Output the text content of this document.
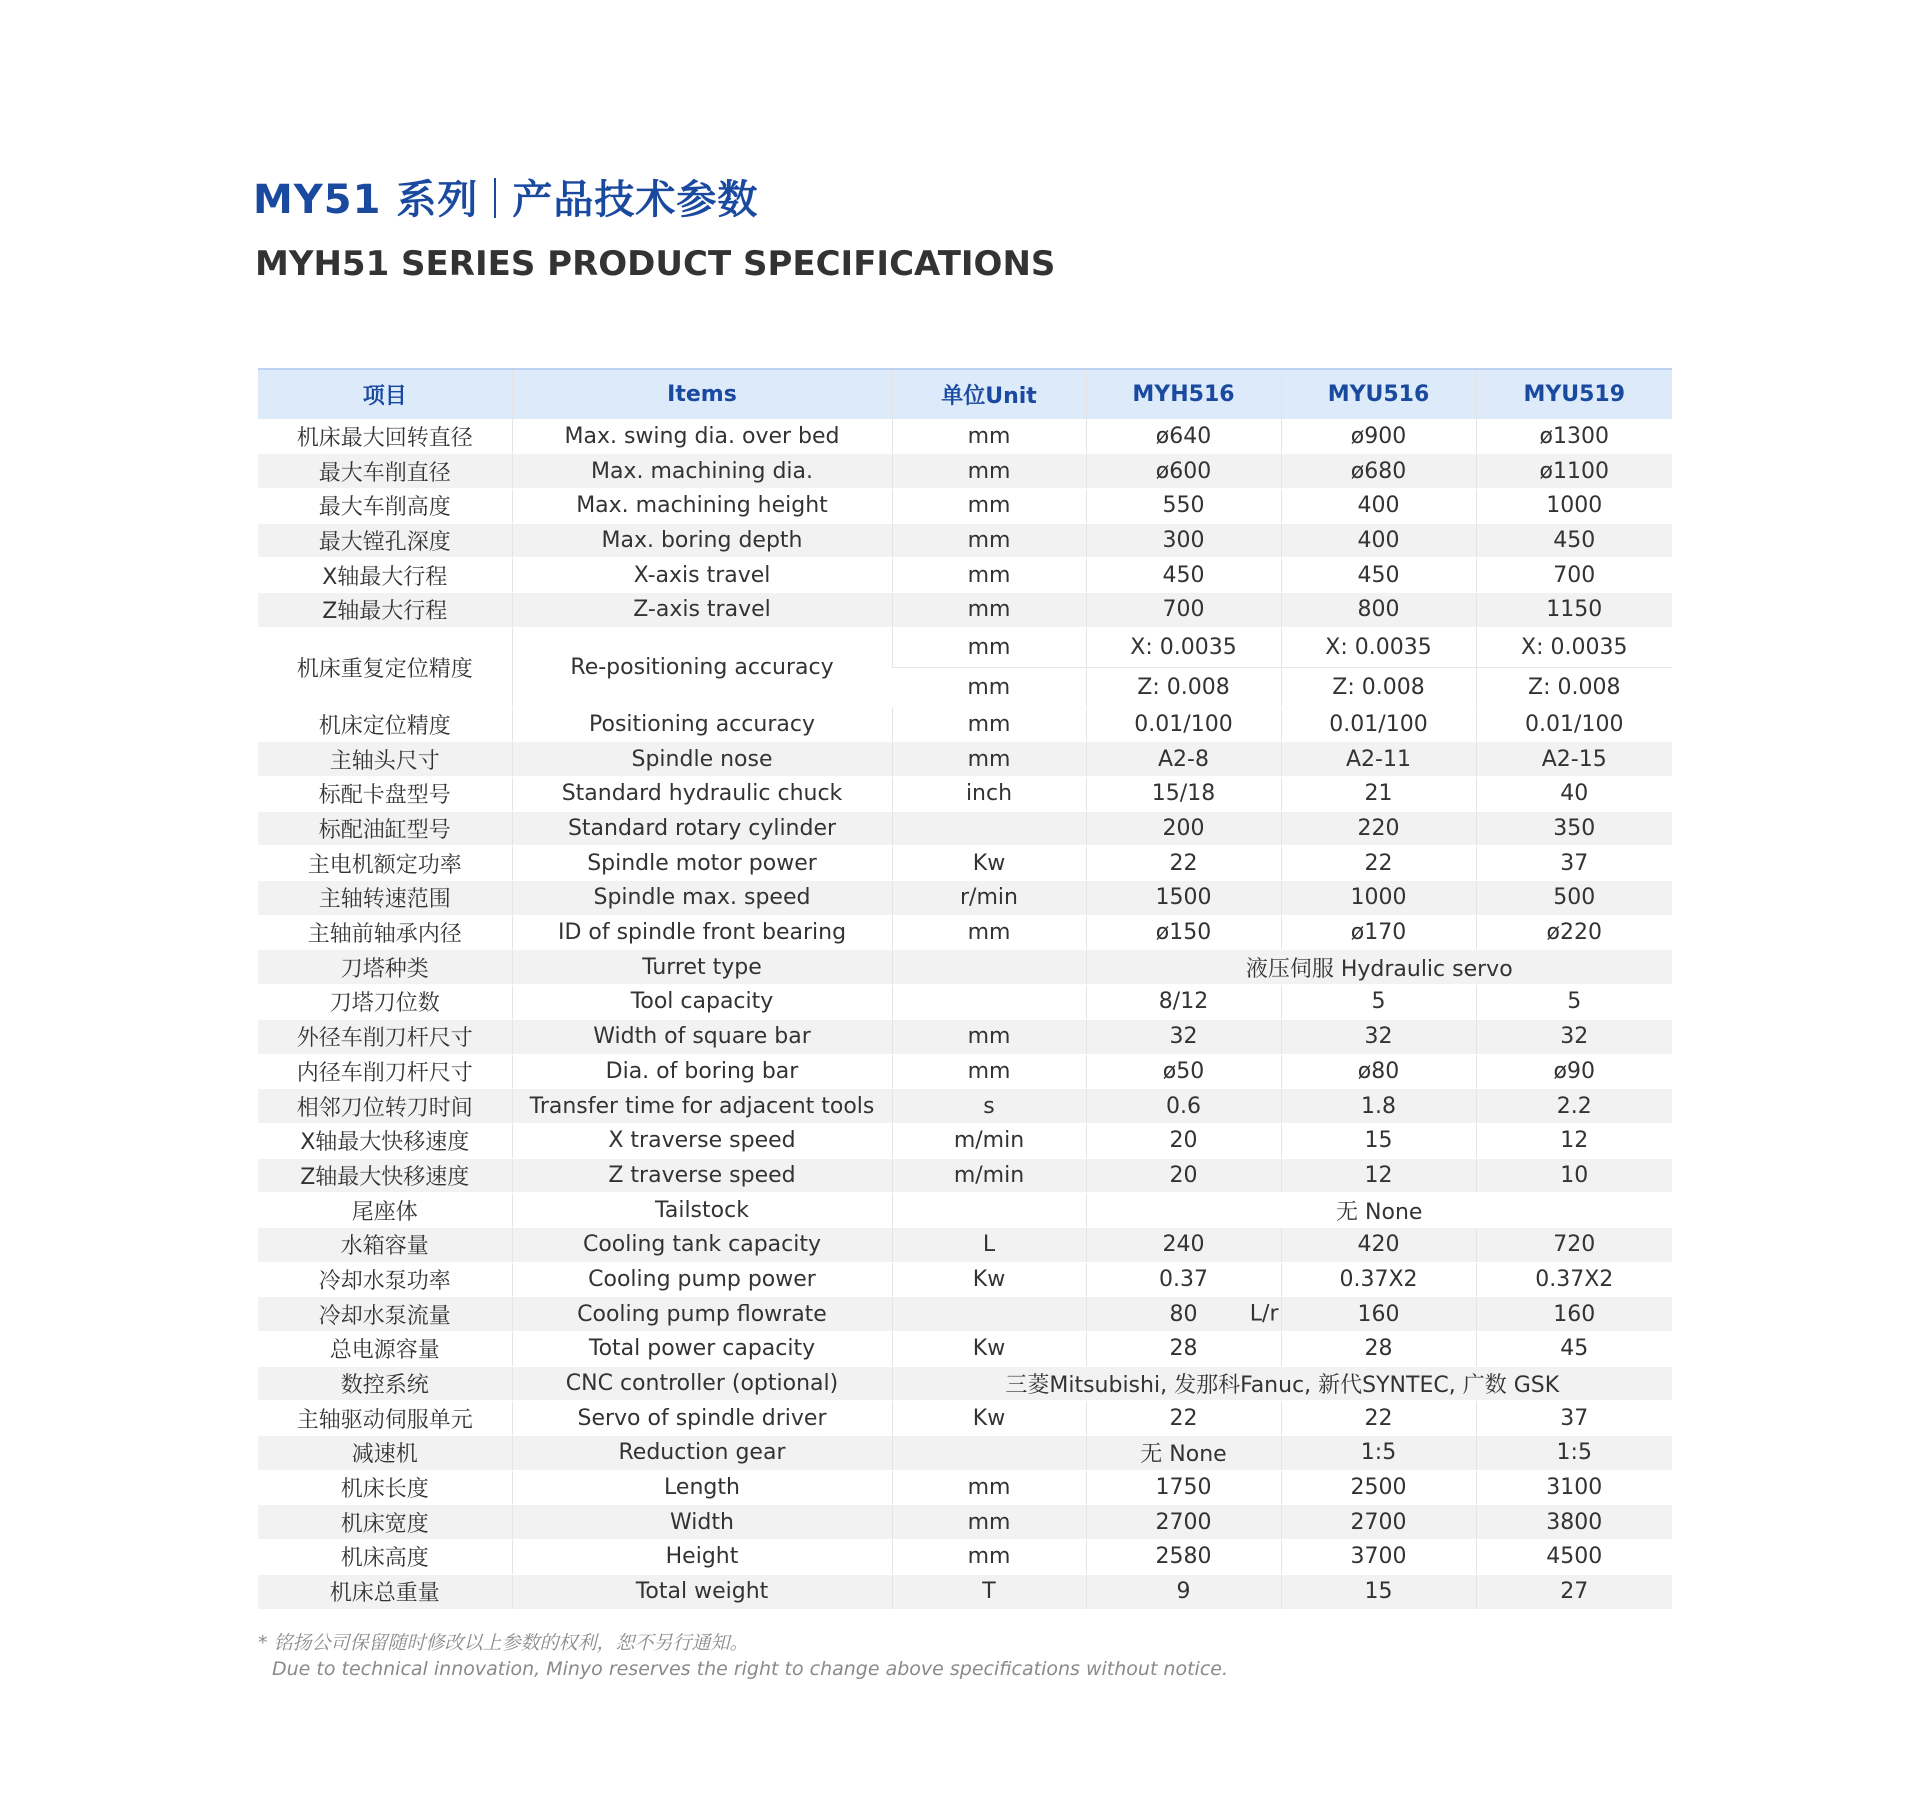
MY51 系列 产品技术参数
MYH51 SERIES PRODUCT SPECIFICATIONS
项目	Items	单位Unit	MYH516	MYU516	MYU519
机床最大回转直径	Max. swing dia. over bed	mm	ø640	ø900	ø1300
最大车削直径	Max. machining dia.	mm	ø600	ø680	ø1100
最大车削高度	Max. machining height	mm	550	400	1000
最大镗孔深度	Max. boring depth	mm	300	400	450
X轴最大行程	X-axis travel	mm	450	450	700
Z轴最大行程	Z-axis travel	mm	700	800	1150
机床重复定位精度	Re-positioning accuracy	mm	X: 0.0035	X: 0.0035	X: 0.0035
		mm	Z: 0.008	Z: 0.008	Z: 0.008
机床定位精度	Positioning accuracy	mm	0.01/100	0.01/100	0.01/100
主轴头尺寸	Spindle nose	mm	A2-8	A2-11	A2-15
标配卡盘型号	Standard hydraulic chuck	inch	15/18	21	40
标配油缸型号	Standard rotary cylinder		200	220	350
主电机额定功率	Spindle motor power	Kw	22	22	37
主轴转速范围	Spindle max. speed	r/min	1500	1000	500
主轴前轴承内径	ID of spindle front bearing	mm	ø150	ø170	ø220
刀塔种类	Turret type		液压伺服 Hydraulic servo		
刀塔刀位数	Tool capacity		8/12	5	5
外径车削刀杆尺寸	Width of square bar	mm	32	32	32
内径车削刀杆尺寸	Dia. of boring bar	mm	ø50	ø80	ø90
相邻刀位转刀时间	Transfer time for adjacent tools	s	0.6	1.8	2.2
X轴最大快移速度	X traverse speed	m/min	20	15	12
Z轴最大快移速度	Z traverse speed	m/min	20	12	10
尾座体	Tailstock		无 None		
水箱容量	Cooling tank capacity	L	240	420	720
冷却水泵功率	Cooling pump power	Kw	0.37	0.37X2	0.37X2
冷却水泵流量	Cooling pump flowrate		80 L/r	160	160
总电源容量	Total power capacity	Kw	28	28	45
数控系统	CNC controller (optional)	三菱Mitsubishi, 发那科Fanuc, 新代SYNTEC, 广数 GSK			
主轴驱动伺服单元	Servo of spindle driver	Kw	22	22	37
减速机	Reduction gear		无 None	1:5	1:5
机床长度	Length	mm	1750	2500	3100
机床宽度	Width	mm	2700	2700	3800
机床高度	Height	mm	2580	3700	4500
机床总重量	Total weight	T	9	15	27

* 铭扬公司保留随时修改以上参数的权利，恕不另行通知。
Due to technical innovation, Minyo reserves the right to change above specifications without notice.
